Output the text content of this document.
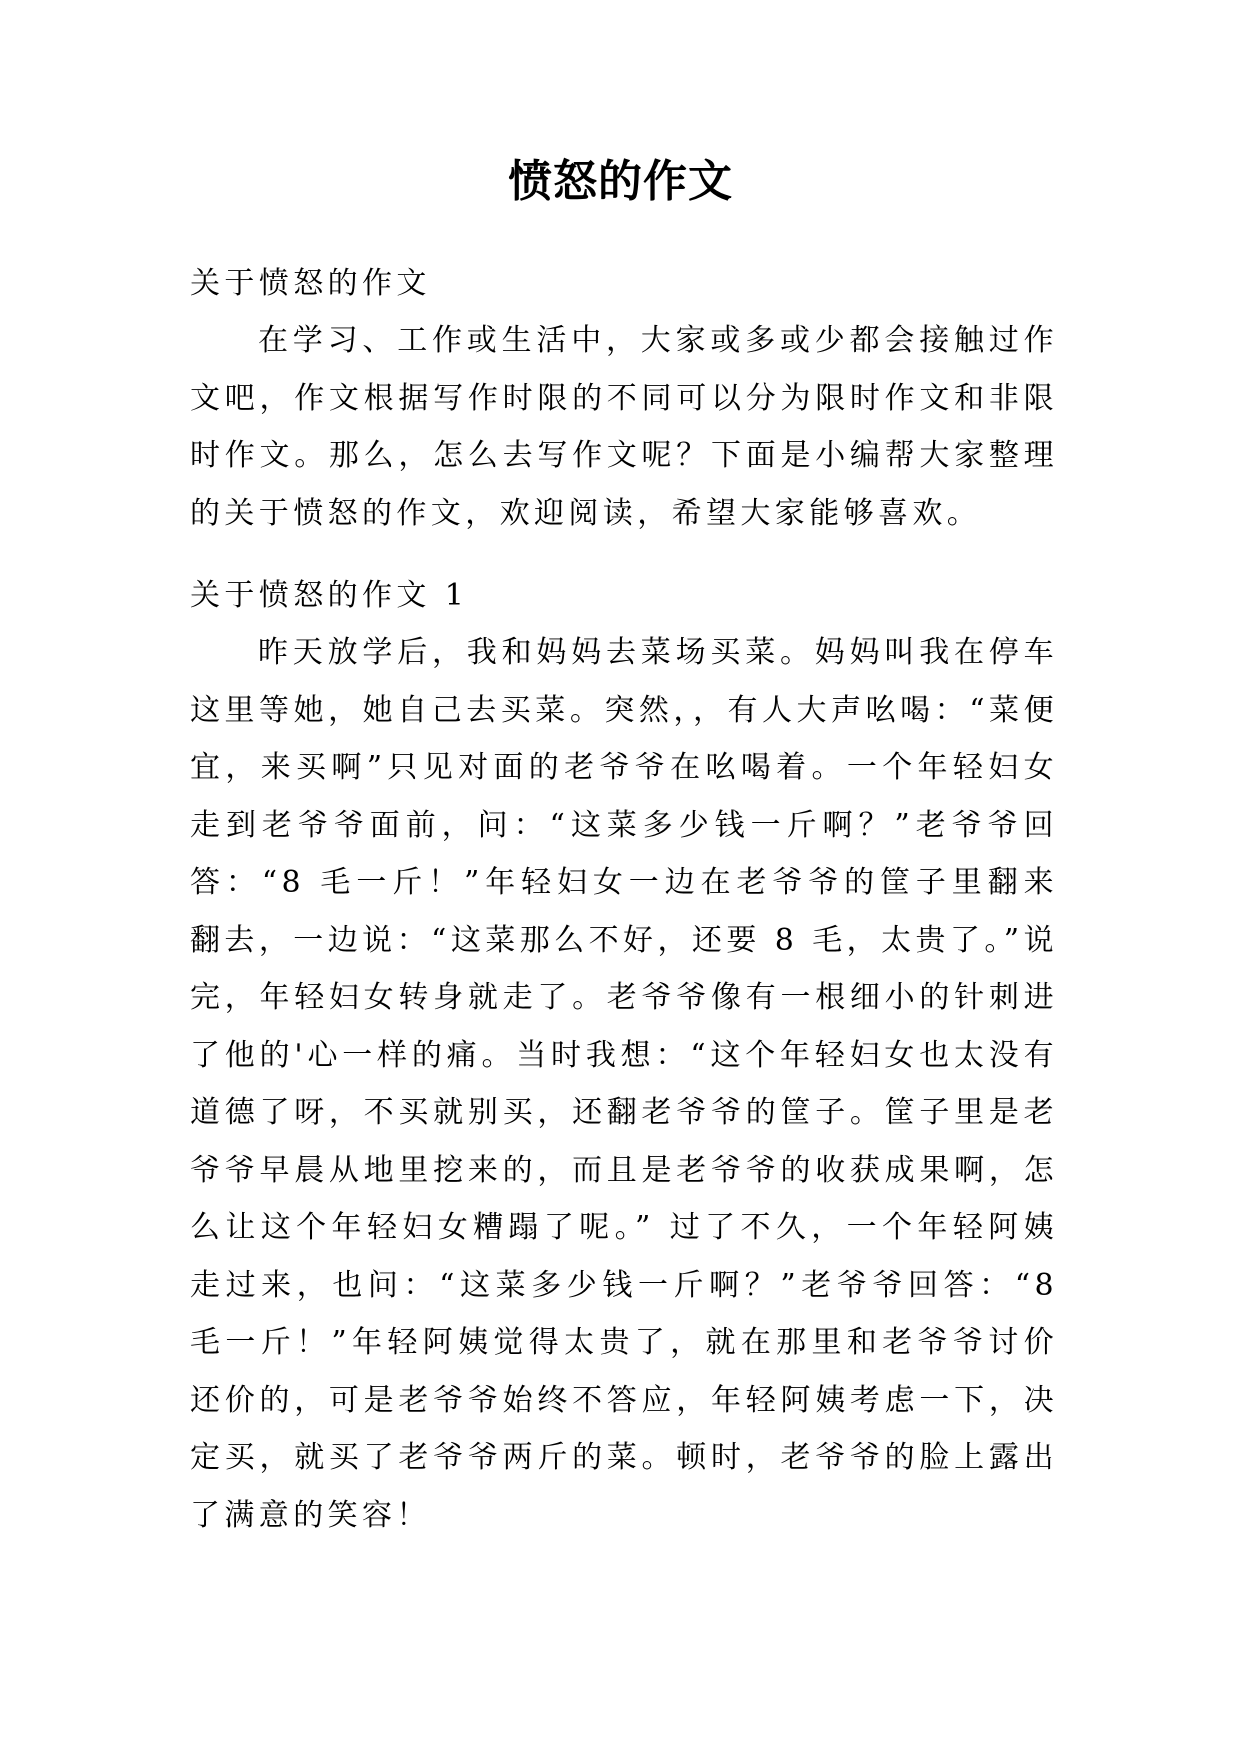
愤怒的作文
关于愤怒的作文

在学习、工作或生活中，大家或多或少都会接触过作文吧，作文根据写作时限的不同可以分为限时作文和非限时作文。那么，怎么去写作文呢？下面是小编帮大家整理的关于愤怒的作文，欢迎阅读，希望大家能够喜欢。

关于愤怒的作文 1

昨天放学后，我和妈妈去菜场买菜。妈妈叫我在停车这里等她，她自己去买菜。突然，，有人大声吆喝：“菜便宜，来买啊”只见对面的老爷爷在吆喝着。一个年轻妇女走到老爷爷面前，问：“这菜多少钱一斤啊？”老爷爷回答：“8 毛一斤！”年轻妇女一边在老爷爷的筐子里翻来翻去，一边说：“这菜那么不好，还要 8 毛，太贵了。”说完，年轻妇女转身就走了。老爷爷像有一根细小的针刺进了他的'心一样的痛。当时我想：“这个年轻妇女也太没有道德了呀，不买就别买，还翻老爷爷的筐子。筐子里是老爷爷早晨从地里挖来的，而且是老爷爷的收获成果啊，怎么让这个年轻妇女糟蹋了呢。” 过了不久，一个年轻阿姨走过来，也问：“这菜多少钱一斤啊？”老爷爷回答：“8 毛一斤！”年轻阿姨觉得太贵了，就在那里和老爷爷讨价还价的，可是老爷爷始终不答应，年轻阿姨考虑一下，决定买，就买了老爷爷两斤的菜。顿时，老爷爷的脸上露出了满意的笑容！
